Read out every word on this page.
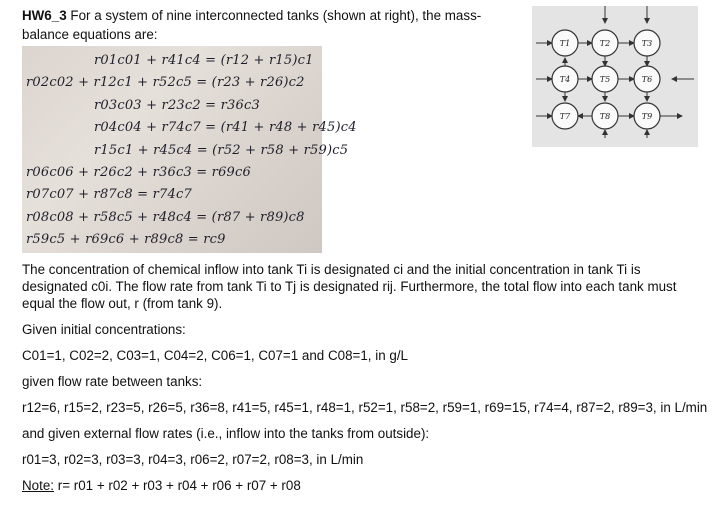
HW6_3 For a system of nine interconnected tanks (shown at right), the mass-balance equations are:
r01c01 + r41c4 = (r12 + r15)c1
r02c02 + r12c1 + r52c5 = (r23 + r26)c2
r03c03 + r23c2 = r36c3
r04c04 + r74c7 = (r41 + r48 + r45)c4
r15c1 + r45c4 = (r52 + r58 + r59)c5
r06c06 + r26c2 + r36c3 = r69c6
r07c07 + r87c8 = r74c7
r08c08 + r58c5 + r48c4 = (r87 + r89)c8
r59c5 + r69c6 + r89c8 = rc9
T1	T2	T3
T4	T5	T6
T7	T8	T9
The concentration of chemical inflow into tank Ti is designated ci and the initial concentration in tank Ti is designated c0i. The flow rate from tank Ti to Tj is designated rij. Furthermore, the total flow into each tank must equal the flow out, r (from tank 9).
Given initial concentrations:
C01=1, C02=2, C03=1, C04=2, C06=1, C07=1 and C08=1, in g/L
given flow rate between tanks:
r12=6, r15=2, r23=5, r26=5, r36=8, r41=5, r45=1, r48=1, r52=1, r58=2, r59=1, r69=15, r74=4, r87=2, r89=3, in L/min
and given external flow rates (i.e., inflow into the tanks from outside):
r01=3, r02=3, r03=3, r04=3, r06=2, r07=2, r08=3, in L/min
Note: r= r01 + r02 + r03 + r04 + r06 + r07 + r08
